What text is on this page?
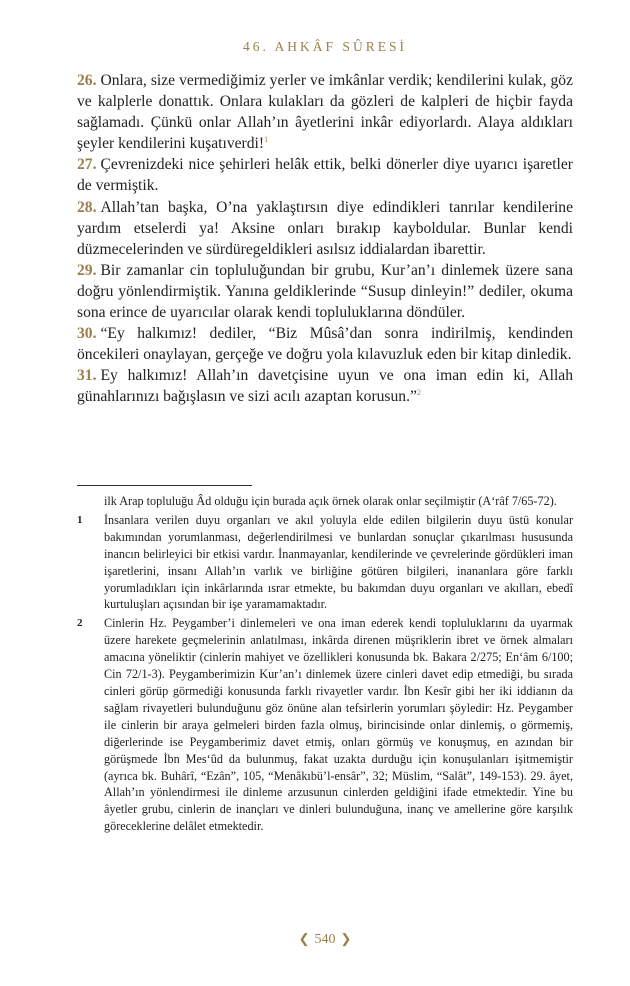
46. AHKÂF SÛRESİ

26. Onlara, size vermediğimiz yerler ve imkânlar verdik; kendilerini kulak, göz ve kalplerle donattık. Onlara kulakları da gözleri de kalpleri de hiçbir fayda sağlamadı. Çünkü onlar Allah’ın âyetlerini inkâr ediyorlardı. Alaya aldıkları şeyler kendilerini kuşatıverdi!$^1$

27. Çevrenizdeki nice şehirleri helâk ettik, belki dönerler diye uyarıcı işaretler de vermiştik.

28. Allah’tan başka, O’na yaklaştırsın diye edindikleri tanrılar kendilerine yardım etselerdi ya! Aksine onları bırakıp kayboldular. Bunlar kendi düzmecelerinden ve sürdüregeldikleri asılsız iddialardan ibarettir.

29. Bir zamanlar cin topluluğundan bir grubu, Kur’an’ı dinlemek üzere sana doğru yönlendirmiştik. Yanına geldiklerinde “Susup dinleyin!” dediler, okuma sona erince de uyarıcılar olarak kendi topluluklarına döndüler.

30. “Ey halkımız! dediler, “Biz Mûsâ’dan sonra indirilmiş, kendinden öncekileri onaylayan, gerçeğe ve doğru yola kılavuzluk eden bir kitap dinledik.

31. Ey halkımız! Allah’ın davetçisine uyun ve ona iman edin ki, Allah günahlarınızı bağışlasın ve sizi acılı azaptan korusun.”$^2$

ilk Arap topluluğu Âd olduğu için burada açık örnek olarak onlar seçilmiştir (A‘râf 7/65-72).

1 İnsanlara verilen duyu organları ve akıl yoluyla elde edilen bilgilerin duyu üstü konular bakımından yorumlanması, değerlendirilmesi ve bunlardan sonuçlar çıkarılması hususunda inancın belirleyici bir etkisi vardır. İnanmayanlar, kendilerinde ve çevrelerinde gördükleri iman işaretlerini, insanı Allah’ın varlık ve birliğine götüren bilgileri, inananlara göre farklı yorumladıkları için inkârlarında ısrar etmekte, bu bakımdan duyu organları ve akılları, ebedî kurtuluşları açısından bir işe yaramamaktadır.

2 Cinlerin Hz. Peygamber’i dinlemeleri ve ona iman ederek kendi topluluklarını da uyarmak üzere harekete geçmelerinin anlatılması, inkârda direnen müşriklerin ibret ve örnek almaları amacına yöneliktir (cinlerin mahiyet ve özellikleri konusunda bk. Bakara 2/275; En‘âm 6/100; Cin 72/1-3). Peygamberimizin Kur’an’ı dinlemek üzere cinleri davet edip etmediği, bu sırada cinleri görüp görmediği konusunda farklı rivayetler vardır. İbn Kesîr gibi her iki iddianın da sağlam rivayetleri bulunduğunu göz önüne alan tefsirlerin yorumları şöyledir: Hz. Peygamber ile cinlerin bir araya gelmeleri birden fazla olmuş, birincisinde onlar dinlemiş, o görmemiş, diğerlerinde ise Peygamberimiz davet etmiş, onları görmüş ve konuşmuş, en azından bir görüşmede İbn Mes‘ûd da bulunmuş, fakat uzakta durduğu için konuşulanları işitmemiştir (ayrıca bk. Buhârî, “Ezân”, 105, “Menâkıbü’l-ensâr”, 32; Müslim, “Salât”, 149-153). 29. âyet, Allah’ın yönlendirmesi ile dinleme arzusunun cinlerden geldiğini ifade etmektedir. Yine bu âyetler grubu, cinlerin de inançları ve dinleri bulunduğuna, inanç ve amellerine göre karşılık göreceklerine delâlet etmektedir.

❮ 540 ❯
